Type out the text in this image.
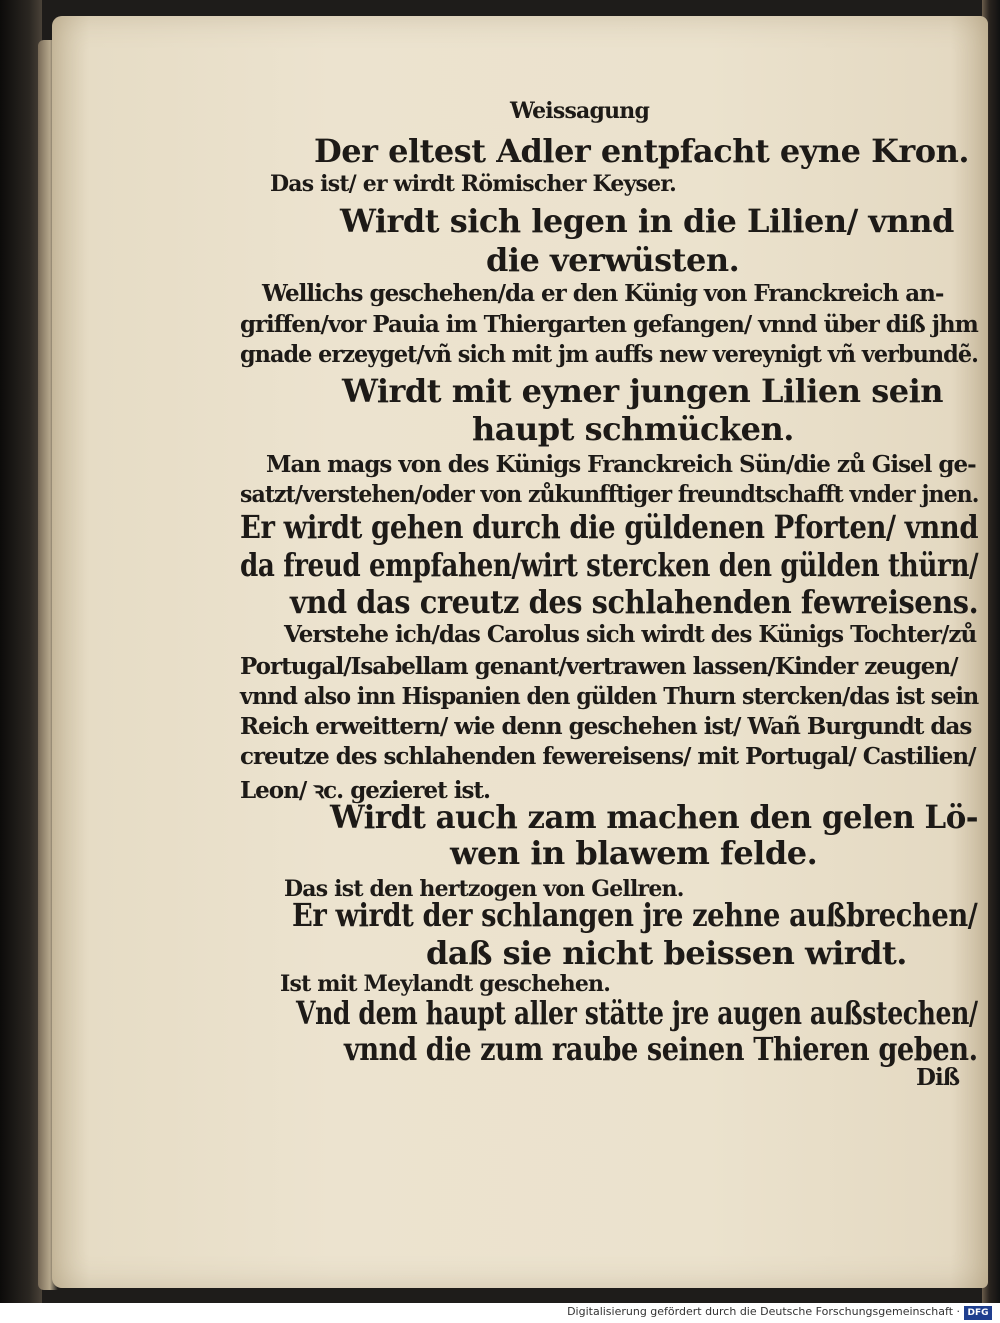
Weissagung
Der eltest Adler entpfacht eyne Kron.
Das ist/ er wirdt Römischer Keyser.
Wirdt sich legen in die Lilien/ vnnd
die verwüsten.
Wellichs geschehen/da er den Künig von Franckreich an-
griffen/vor Pauia im Thiergarten gefangen/ vnnd über diß jhm
gnade erzeyget/vñ sich mit jm auffs new vereynigt vñ verbundẽ.
Wirdt mit eyner jungen Lilien sein
haupt schmücken.
Man mags von des Künigs Franckreich Sün/die zů Gisel ge-
satzt/verstehen/oder von zůkunfftiger freundtschafft vnder jnen.
Er wirdt gehen durch die güldenen Pforten/ vnnd
da freud empfahen/wirt stercken den gülden thürn/
vnd das creutz des schlahenden fewreisens.
Verstehe ich/das Carolus sich wirdt des Künigs Tochter/zů
Portugal/Isabellam genant/vertrawen lassen/Kinder zeugen/
vnnd also inn Hispanien den gülden Thurn stercken/das ist sein
Reich erweittern/ wie denn geschehen ist/ Wañ Burgundt das
creutze des schlahenden fewereisens/ mit Portugal/ Castilien/
Leon/ ꝛc. gezieret ist.
Wirdt auch zam machen den gelen Lö-
wen in blawem felde.
Das ist den hertzogen von Gellren.
Er wirdt der schlangen jre zehne außbrechen/
daß sie nicht beissen wirdt.
Ist mit Meylandt geschehen.
Vnd dem haupt aller stätte jre augen außstechen/
vnnd die zum raube seinen Thieren geben.
Diß
Digitalisierung gefördert durch die Deutsche Forschungsgemeinschaft · DFG
